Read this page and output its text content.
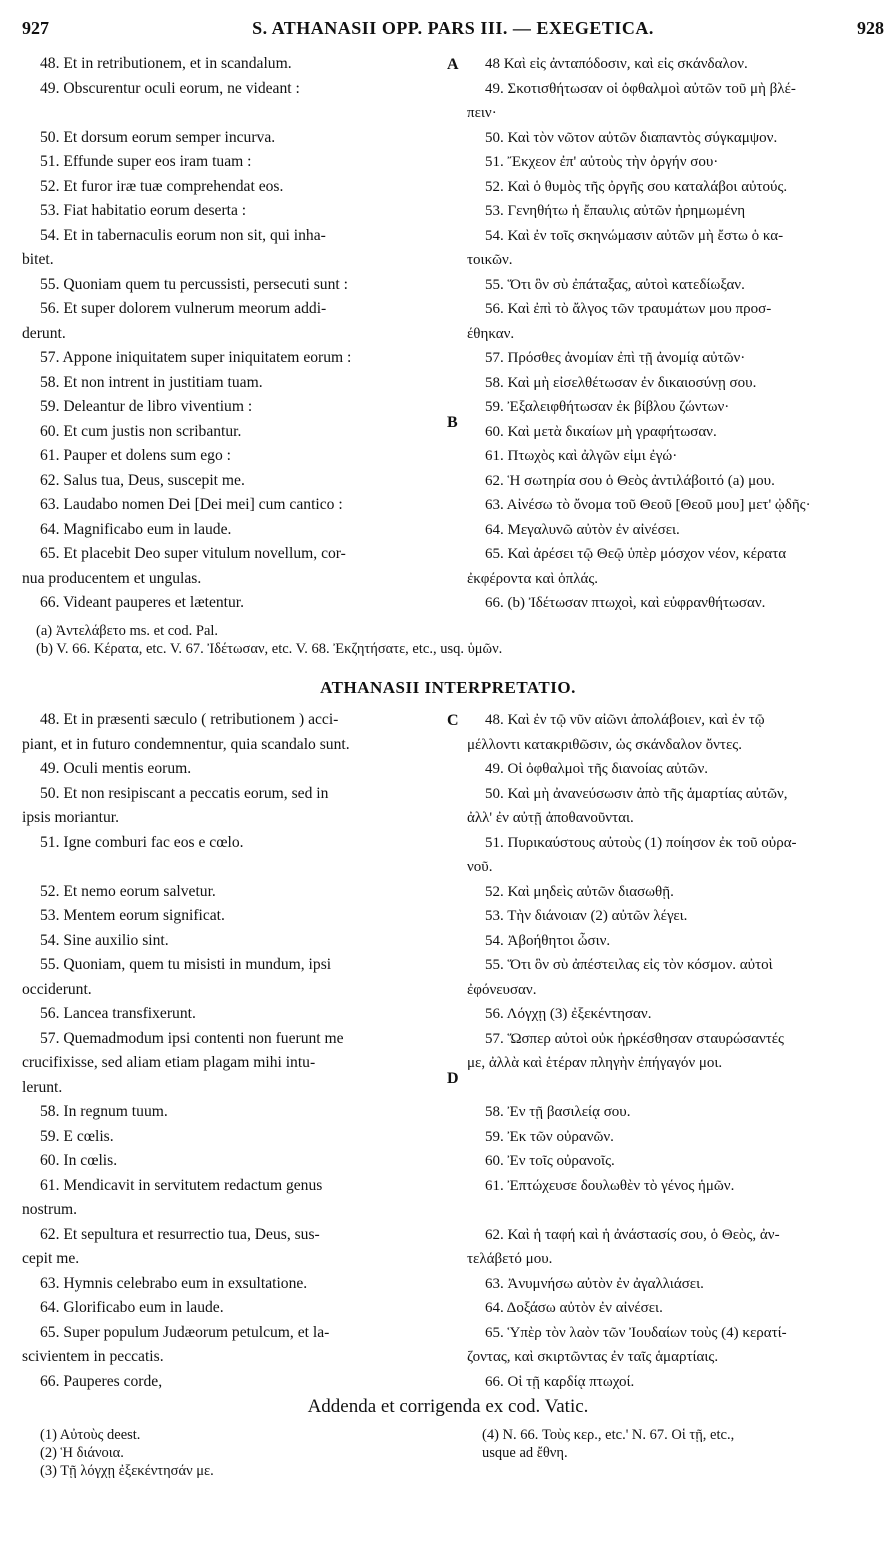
927	S. ATHANASII OPP. PARS III. — EXEGETICA.	928
A
B
C
D
48. Et in retributionem, et in scandalum.
49. Obscurentur oculi eorum, ne videant :
50. Et dorsum eorum semper incurva.
51. Effunde super eos iram tuam :
52. Et furor iræ tuæ comprehendat eos.
53. Fiat habitatio eorum deserta :
54. Et in tabernaculis eorum non sit, qui inha-
bitet.
55. Quoniam quem tu percussisti, persecuti sunt :
56. Et super dolorem vulnerum meorum addi-
derunt.
57. Appone iniquitatem super iniquitatem eorum :
58. Et non intrent in justitiam tuam.
59. Deleantur de libro viventium :
60. Et cum justis non scribantur.
61. Pauper et dolens sum ego :
62. Salus tua, Deus, suscepit me.
63. Laudabo nomen Dei [Dei mei] cum cantico :
64. Magnificabo eum in laude.
65. Et placebit Deo super vitulum novellum, cor-
nua producentem et ungulas.
66. Videant pauperes et lætentur.
48 Καὶ εἰς ἀνταπόδοσιν, καὶ εἰς σκάνδαλον.
49. Σκοτισθήτωσαν οἱ ὀφθαλμοὶ αὐτῶν τοῦ μὴ βλέ-
πειν·
50. Καὶ τὸν νῶτον αὐτῶν διαπαντὸς σύγκαμψον.
51. Ἔκχεον ἐπ' αὐτοὺς τὴν ὀργήν σου·
52. Καὶ ὁ θυμὸς τῆς ὀργῆς σου καταλάβοι αὐτούς.
53. Γενηθήτω ἡ ἔπαυλις αὐτῶν ἠρημωμένη
54. Καὶ ἐν τοῖς σκηνώμασιν αὐτῶν μὴ ἔστω ὁ κα-
τοικῶν.
55. Ὅτι ὃν σὺ ἐπάταξας, αὐτοὶ κατεδίωξαν.
56. Καὶ ἐπὶ τὸ ἄλγος τῶν τραυμάτων μου προσ-
έθηκαν.
57. Πρόσθες ἀνομίαν ἐπὶ τῇ ἀνομίᾳ αὐτῶν·
58. Καὶ μὴ εἰσελθέτωσαν ἐν δικαιοσύνῃ σου.
59. Ἐξαλειφθήτωσαν ἐκ βίβλου ζώντων·
60. Καὶ μετὰ δικαίων μὴ γραφήτωσαν.
61. Πτωχὸς καὶ ἀλγῶν εἰμι ἐγώ·
62. Ἡ σωτηρία σου ὁ Θεὸς ἀντιλάβοιτό (a) μου.
63. Αἰνέσω τὸ ὄνομα τοῦ Θεοῦ [Θεοῦ μου] μετ' ᾠδῆς·
64. Μεγαλυνῶ αὐτὸν ἐν αἰνέσει.
65. Καὶ ἀρέσει τῷ Θεῷ ὑπὲρ μόσχον νέον, κέρατα
ἐκφέροντα καὶ ὁπλάς.
66. (b) Ἰδέτωσαν πτωχοὶ, καὶ εὐφρανθήτωσαν.
(a) Ἀντελάβετο ms. et cod. Pal.
(b) V. 66. Κέρατα, etc. V. 67. Ἰδέτωσαν, etc. V. 68. Ἐκζητήσατε, etc., usq. ὑμῶν.
ATHANASII INTERPRETATIO.
48. Et in præsenti sæculo ( retributionem ) acci-
piant, et in futuro condemnentur, quia scandalo sunt.
49. Oculi mentis eorum.
50. Et non resipiscant a peccatis eorum, sed in
ipsis moriantur.
51. Igne comburi fac eos e cœlo.
52. Et nemo eorum salvetur.
53. Mentem eorum significat.
54. Sine auxilio sint.
55. Quoniam, quem tu misisti in mundum, ipsi
occiderunt.
56. Lancea transfixerunt.
57. Quemadmodum ipsi contenti non fuerunt me
crucifixisse, sed aliam etiam plagam mihi intu-
lerunt.
58. In regnum tuum.
59. E cœlis.
60. In cœlis.
61. Mendicavit in servitutem redactum genus
nostrum.
62. Et sepultura et resurrectio tua, Deus, sus-
cepit me.
63. Hymnis celebrabo eum in exsultatione.
64. Glorificabo eum in laude.
65. Super populum Judæorum petulcum, et la-
scivientem in peccatis.
66. Pauperes corde,
48. Καὶ ἐν τῷ νῦν αἰῶνι ἀπολάβοιεν, καὶ ἐν τῷ
μέλλοντι κατακριθῶσιν, ὡς σκάνδαλον ὄντες.
49. Οἱ ὀφθαλμοὶ τῆς διανοίας αὐτῶν.
50. Καὶ μὴ ἀνανεύσωσιν ἀπὸ τῆς ἁμαρτίας αὐτῶν,
ἀλλ' ἐν αὐτῇ ἀποθανοῦνται.
51. Πυρικαύστους αὐτοὺς (1) ποίησον ἐκ τοῦ οὐρα-
νοῦ.
52. Καὶ μηδεὶς αὐτῶν διασωθῇ.
53. Τὴν διάνοιαν (2) αὐτῶν λέγει.
54. Ἀβοήθητοι ὦσιν.
55. Ὅτι ὃν σὺ ἀπέστειλας εἰς τὸν κόσμον. αὐτοὶ
ἐφόνευσαν.
56. Λόγχῃ (3) ἐξεκέντησαν.
57. Ὥσπερ αὐτοὶ οὐκ ἠρκέσθησαν σταυρώσαντές
με, ἀλλὰ καὶ ἑτέραν πληγὴν ἐπήγαγόν μοι.
58. Ἐν τῇ βασιλείᾳ σου.
59. Ἐκ τῶν οὐρανῶν.
60. Ἐν τοῖς οὐρανοῖς.
61. Ἐπτώχευσε δουλωθὲν τὸ γένος ἡμῶν.
62. Καὶ ἡ ταφή καὶ ἡ ἀνάστασίς σου, ὁ Θεὸς, ἀν-
τελάβετό μου.
63. Ἀνυμνήσω αὐτὸν ἐν ἀγαλλιάσει.
64. Δοξάσω αὐτὸν ἐν αἰνέσει.
65. Ὑπὲρ τὸν λαὸν τῶν Ἰουδαίων τοὺς (4) κερατί-
ζοντας, καὶ σκιρτῶντας ἐν ταῖς ἁμαρτίαις.
66. Οἱ τῇ καρδίᾳ πτωχοί.
Addenda et corrigenda ex cod. Vatic.
(1) Αὐτοὺς deest.
(2) Ἡ διάνοια.
(3) Τῇ λόγχῃ ἐξεκέντησάν με.
(4) N. 66. Τοὺς κερ., etc.' N. 67. Οἱ τῇ, etc.,
usque ad ἔθνη.
